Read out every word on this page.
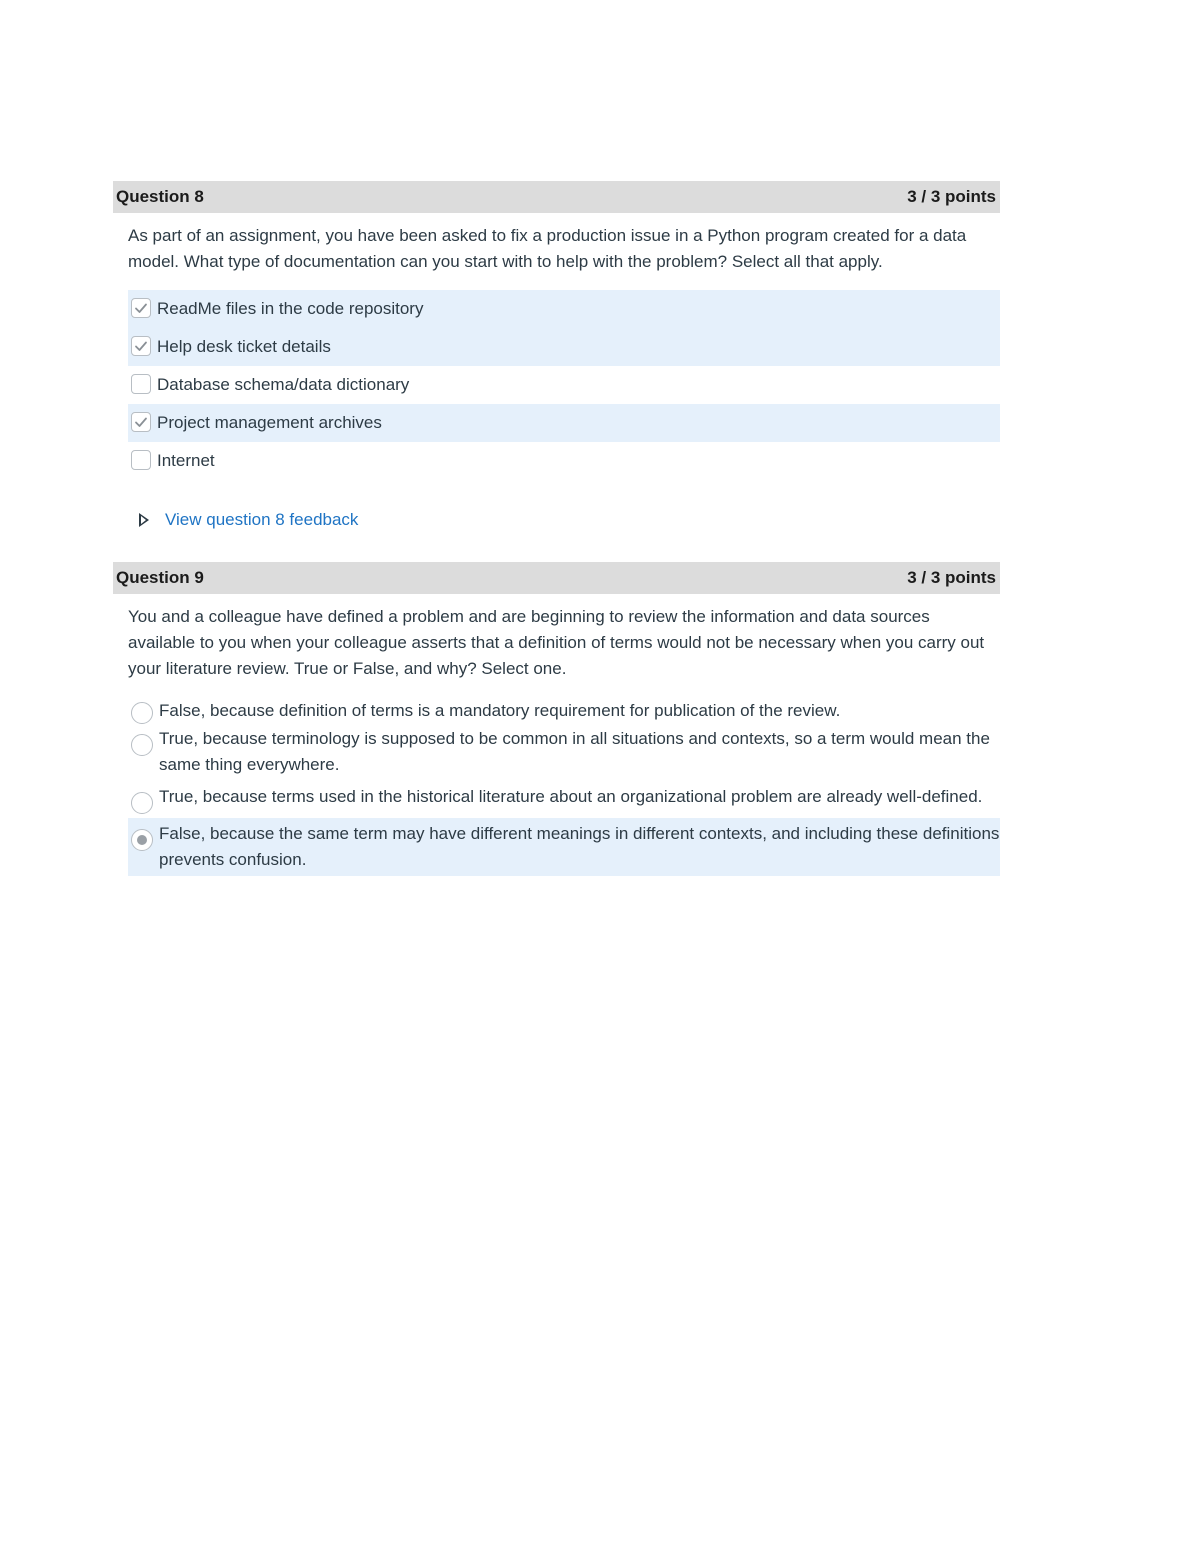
Question 8	3 / 3 points

As part of an assignment, you have been asked to fix a production issue in a Python program created for a data model. What type of documentation can you start with to help with the problem? Select all that apply.

ReadMe files in the code repository
Help desk ticket details
Database schema/data dictionary
Project management archives
Internet
View question 8 feedback
Question 9	3 / 3 points

You and a colleague have defined a problem and are beginning to review the information and data sources available to you when your colleague asserts that a definition of terms would not be necessary when you carry out your literature review. True or False, and why? Select one.

False, because definition of terms is a mandatory requirement for publication of the review.
True, because terminology is supposed to be common in all situations and contexts, so a term would mean the same thing everywhere.
True, because terms used in the historical literature about an organizational problem are already well-defined.
False, because the same term may have different meanings in different contexts, and including these definitions prevents confusion.
